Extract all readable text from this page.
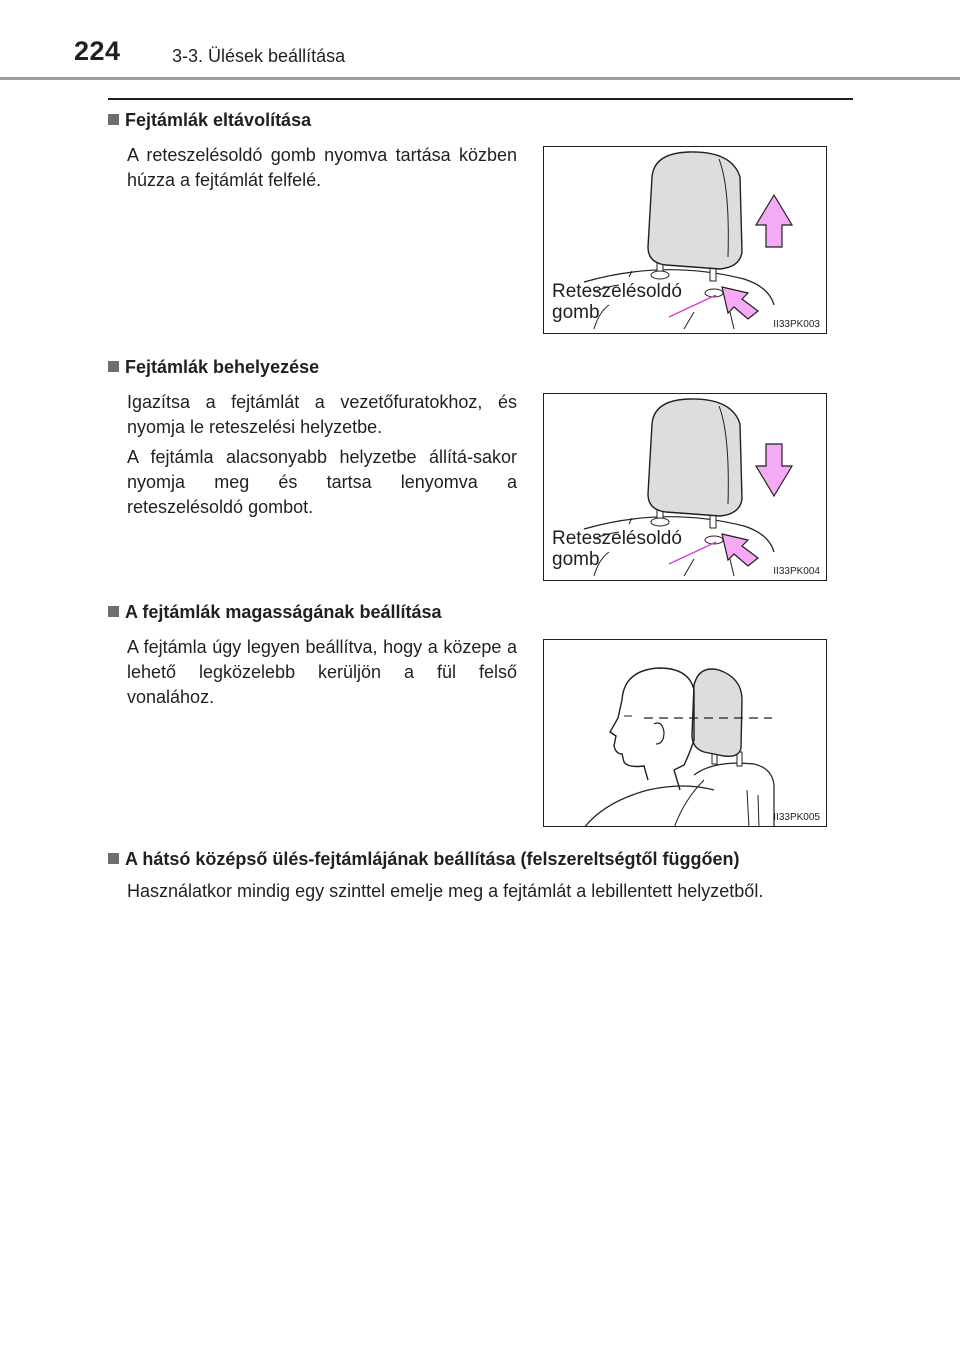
224	3-3. Ülések beállítása
Fejtámlák eltávolítása
A reteszelésoldó gomb nyomva tartása közben húzza a fejtámlát felfelé.
Reteszelésoldó
gomb
II33PK003
Fejtámlák behelyezése
Igazítsa a fejtámlát a vezetőfuratokhoz, és nyomja le reteszelési helyzetbe.
A fejtámla alacsonyabb helyzetbe állítá-sakor nyomja meg és tartsa lenyomva a reteszelésoldó gombot.
Reteszelésoldó
gomb
II33PK004
A fejtámlák magasságának beállítása
A fejtámla úgy legyen beállítva, hogy a közepe a lehető legközelebb kerüljön a fül felső vonalához.
II33PK005
A hátsó középső ülés-fejtámlájának beállítása (felszereltségtől függően)
Használatkor mindig egy szinttel emelje meg a fejtámlát a lebillentett helyzetből.
